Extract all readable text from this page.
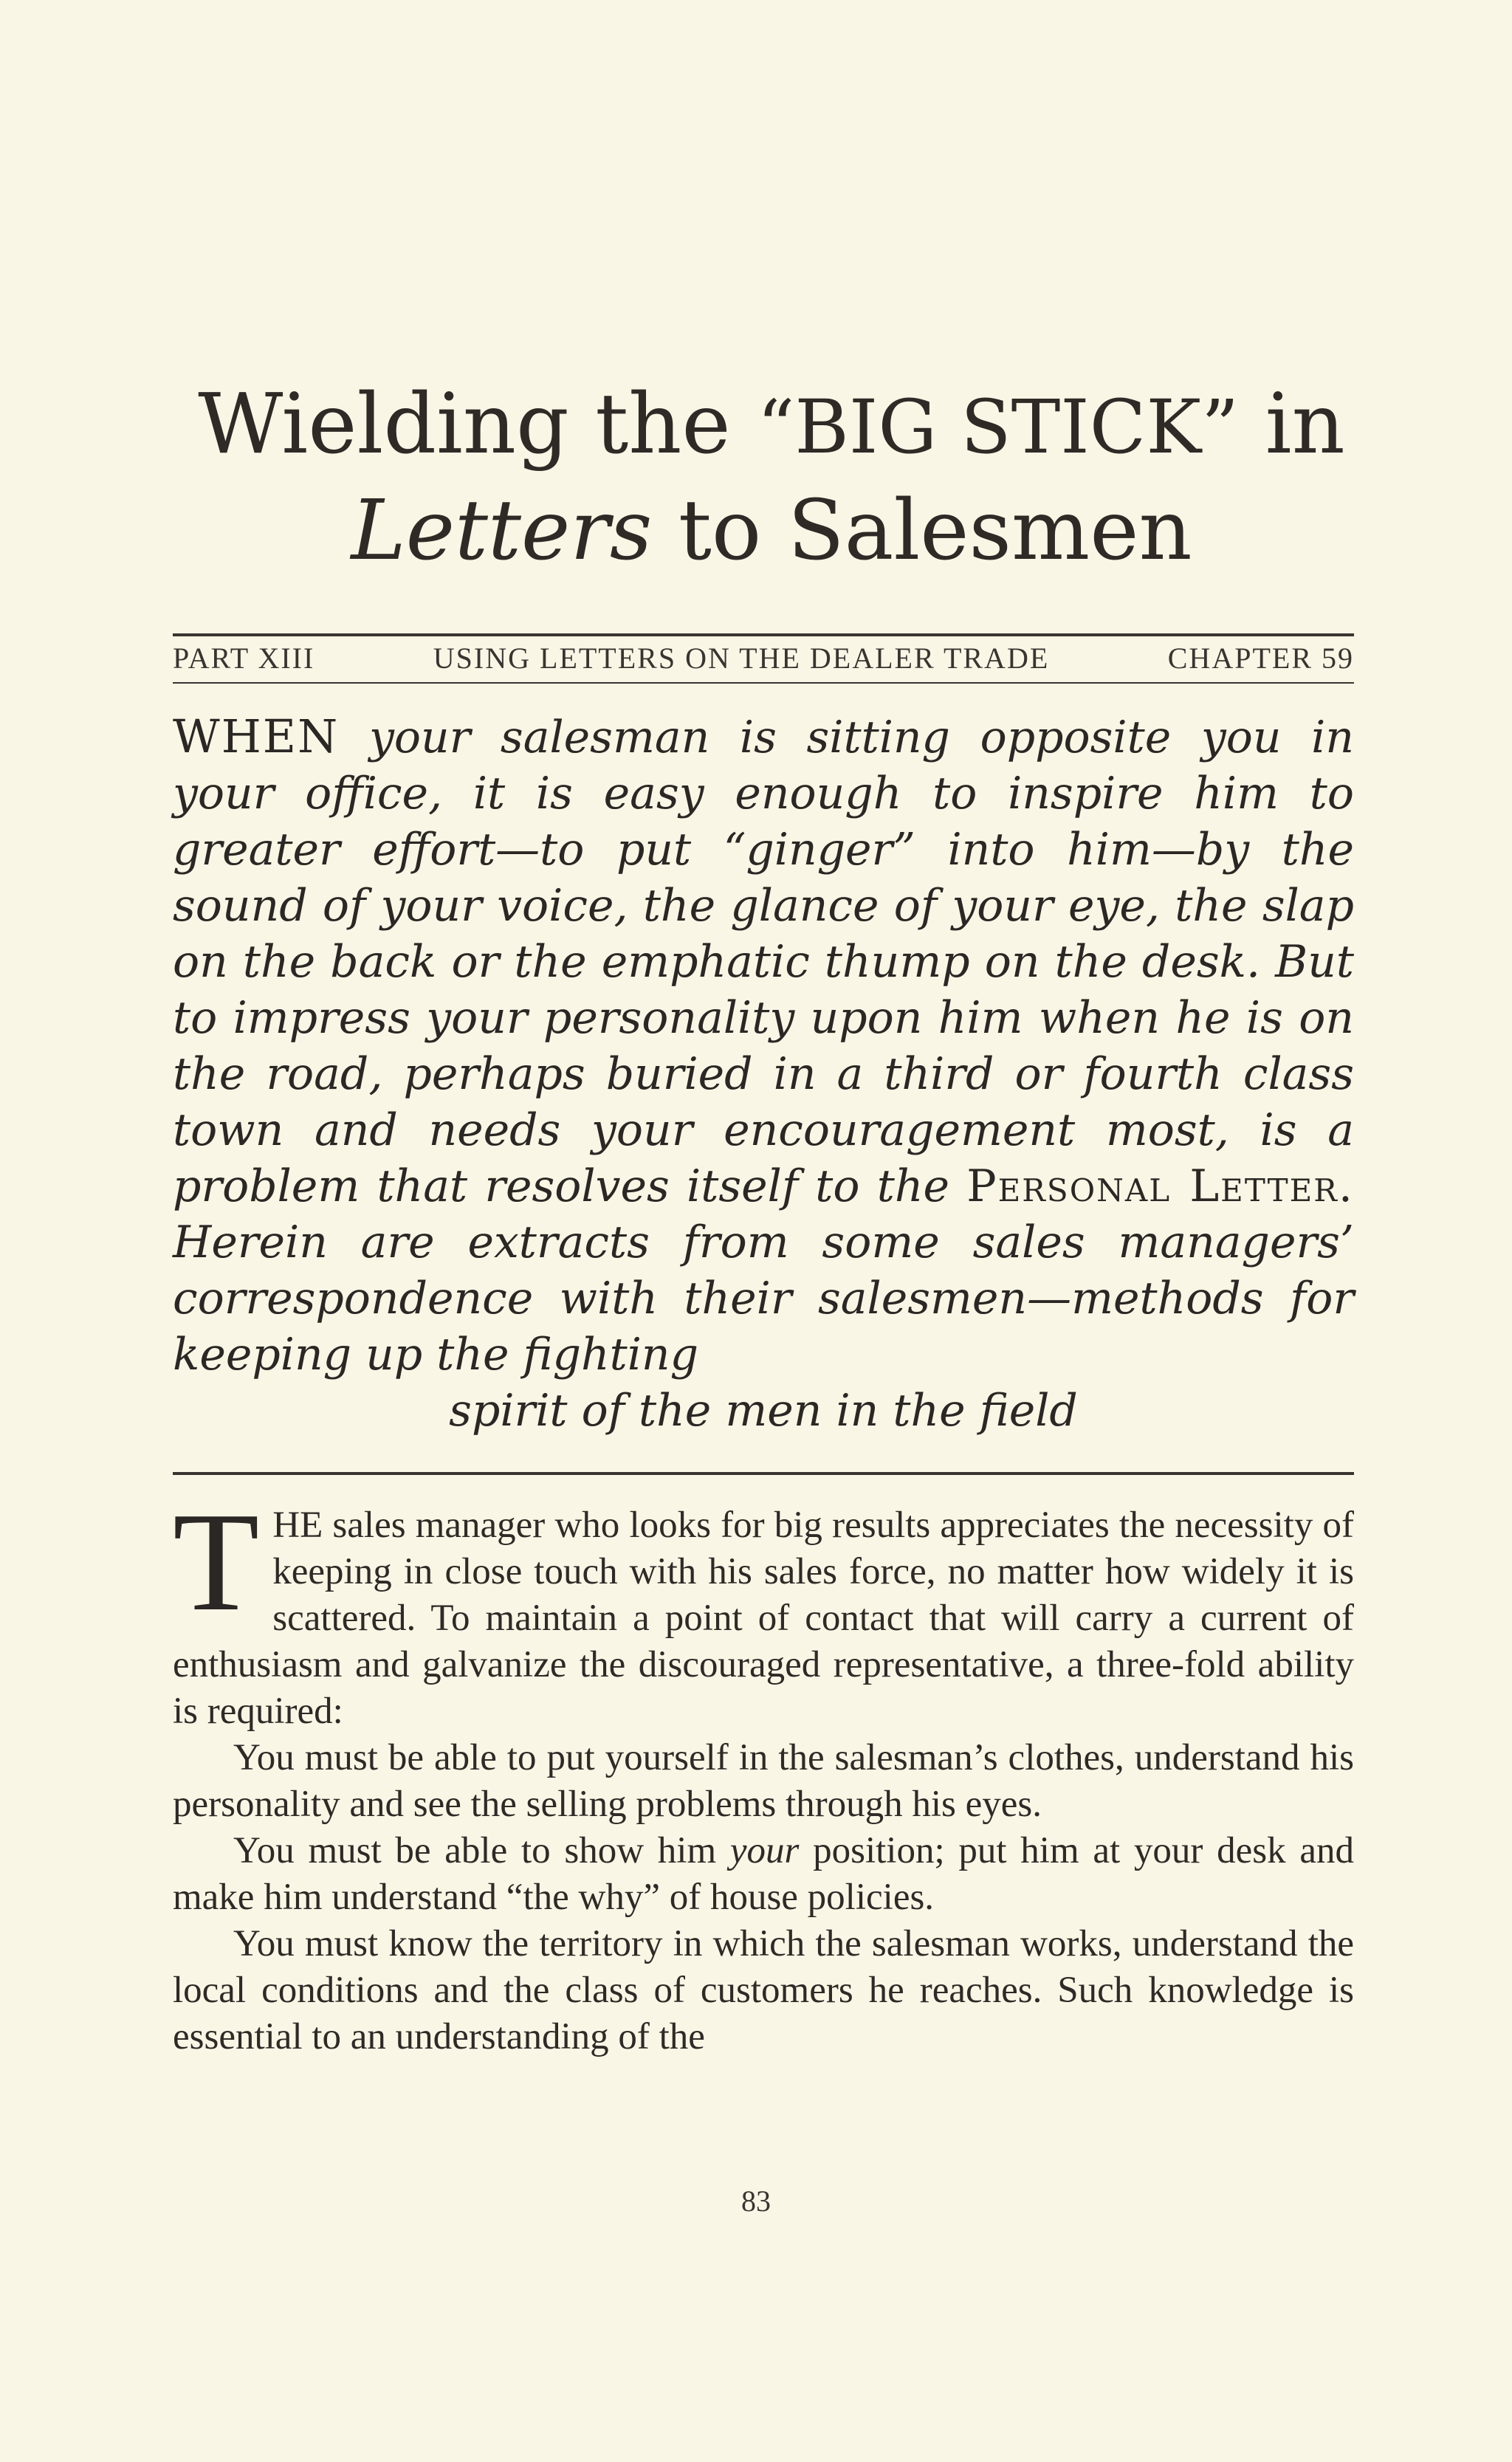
Wielding the “BIG STICK” in
Letters to Salesmen
PART XIII	USING LETTERS ON THE DEALER TRADE	CHAPTER 59
WHEN your salesman is sitting opposite you in your office, it is easy enough to inspire him to greater effort—to put “ginger” into him—by the sound of your voice, the glance of your eye, the slap on the back or the emphatic thump on the desk. But to impress your personality upon him when he is on the road, perhaps buried in a third or fourth class town and needs your encouragement most, is a problem that resolves itself to the Personal Letter. Herein are extracts from some sales managers’ correspondence with their salesmen—methods for keeping up the fighting
spirit of the men in the field

THE sales manager who looks for big results appreciates the necessity of keeping in close touch with his sales force, no matter how widely it is scattered. To maintain a point of contact that will carry a current of enthusiasm and galvanize the discouraged representative, a three-fold ability is required:

You must be able to put yourself in the salesman’s clothes, understand his personality and see the selling problems through his eyes.

You must be able to show him your position; put him at your desk and make him understand “the why” of house policies.

You must know the territory in which the salesman works, understand the local conditions and the class of customers he reaches. Such knowledge is essential to an understanding of the

83
